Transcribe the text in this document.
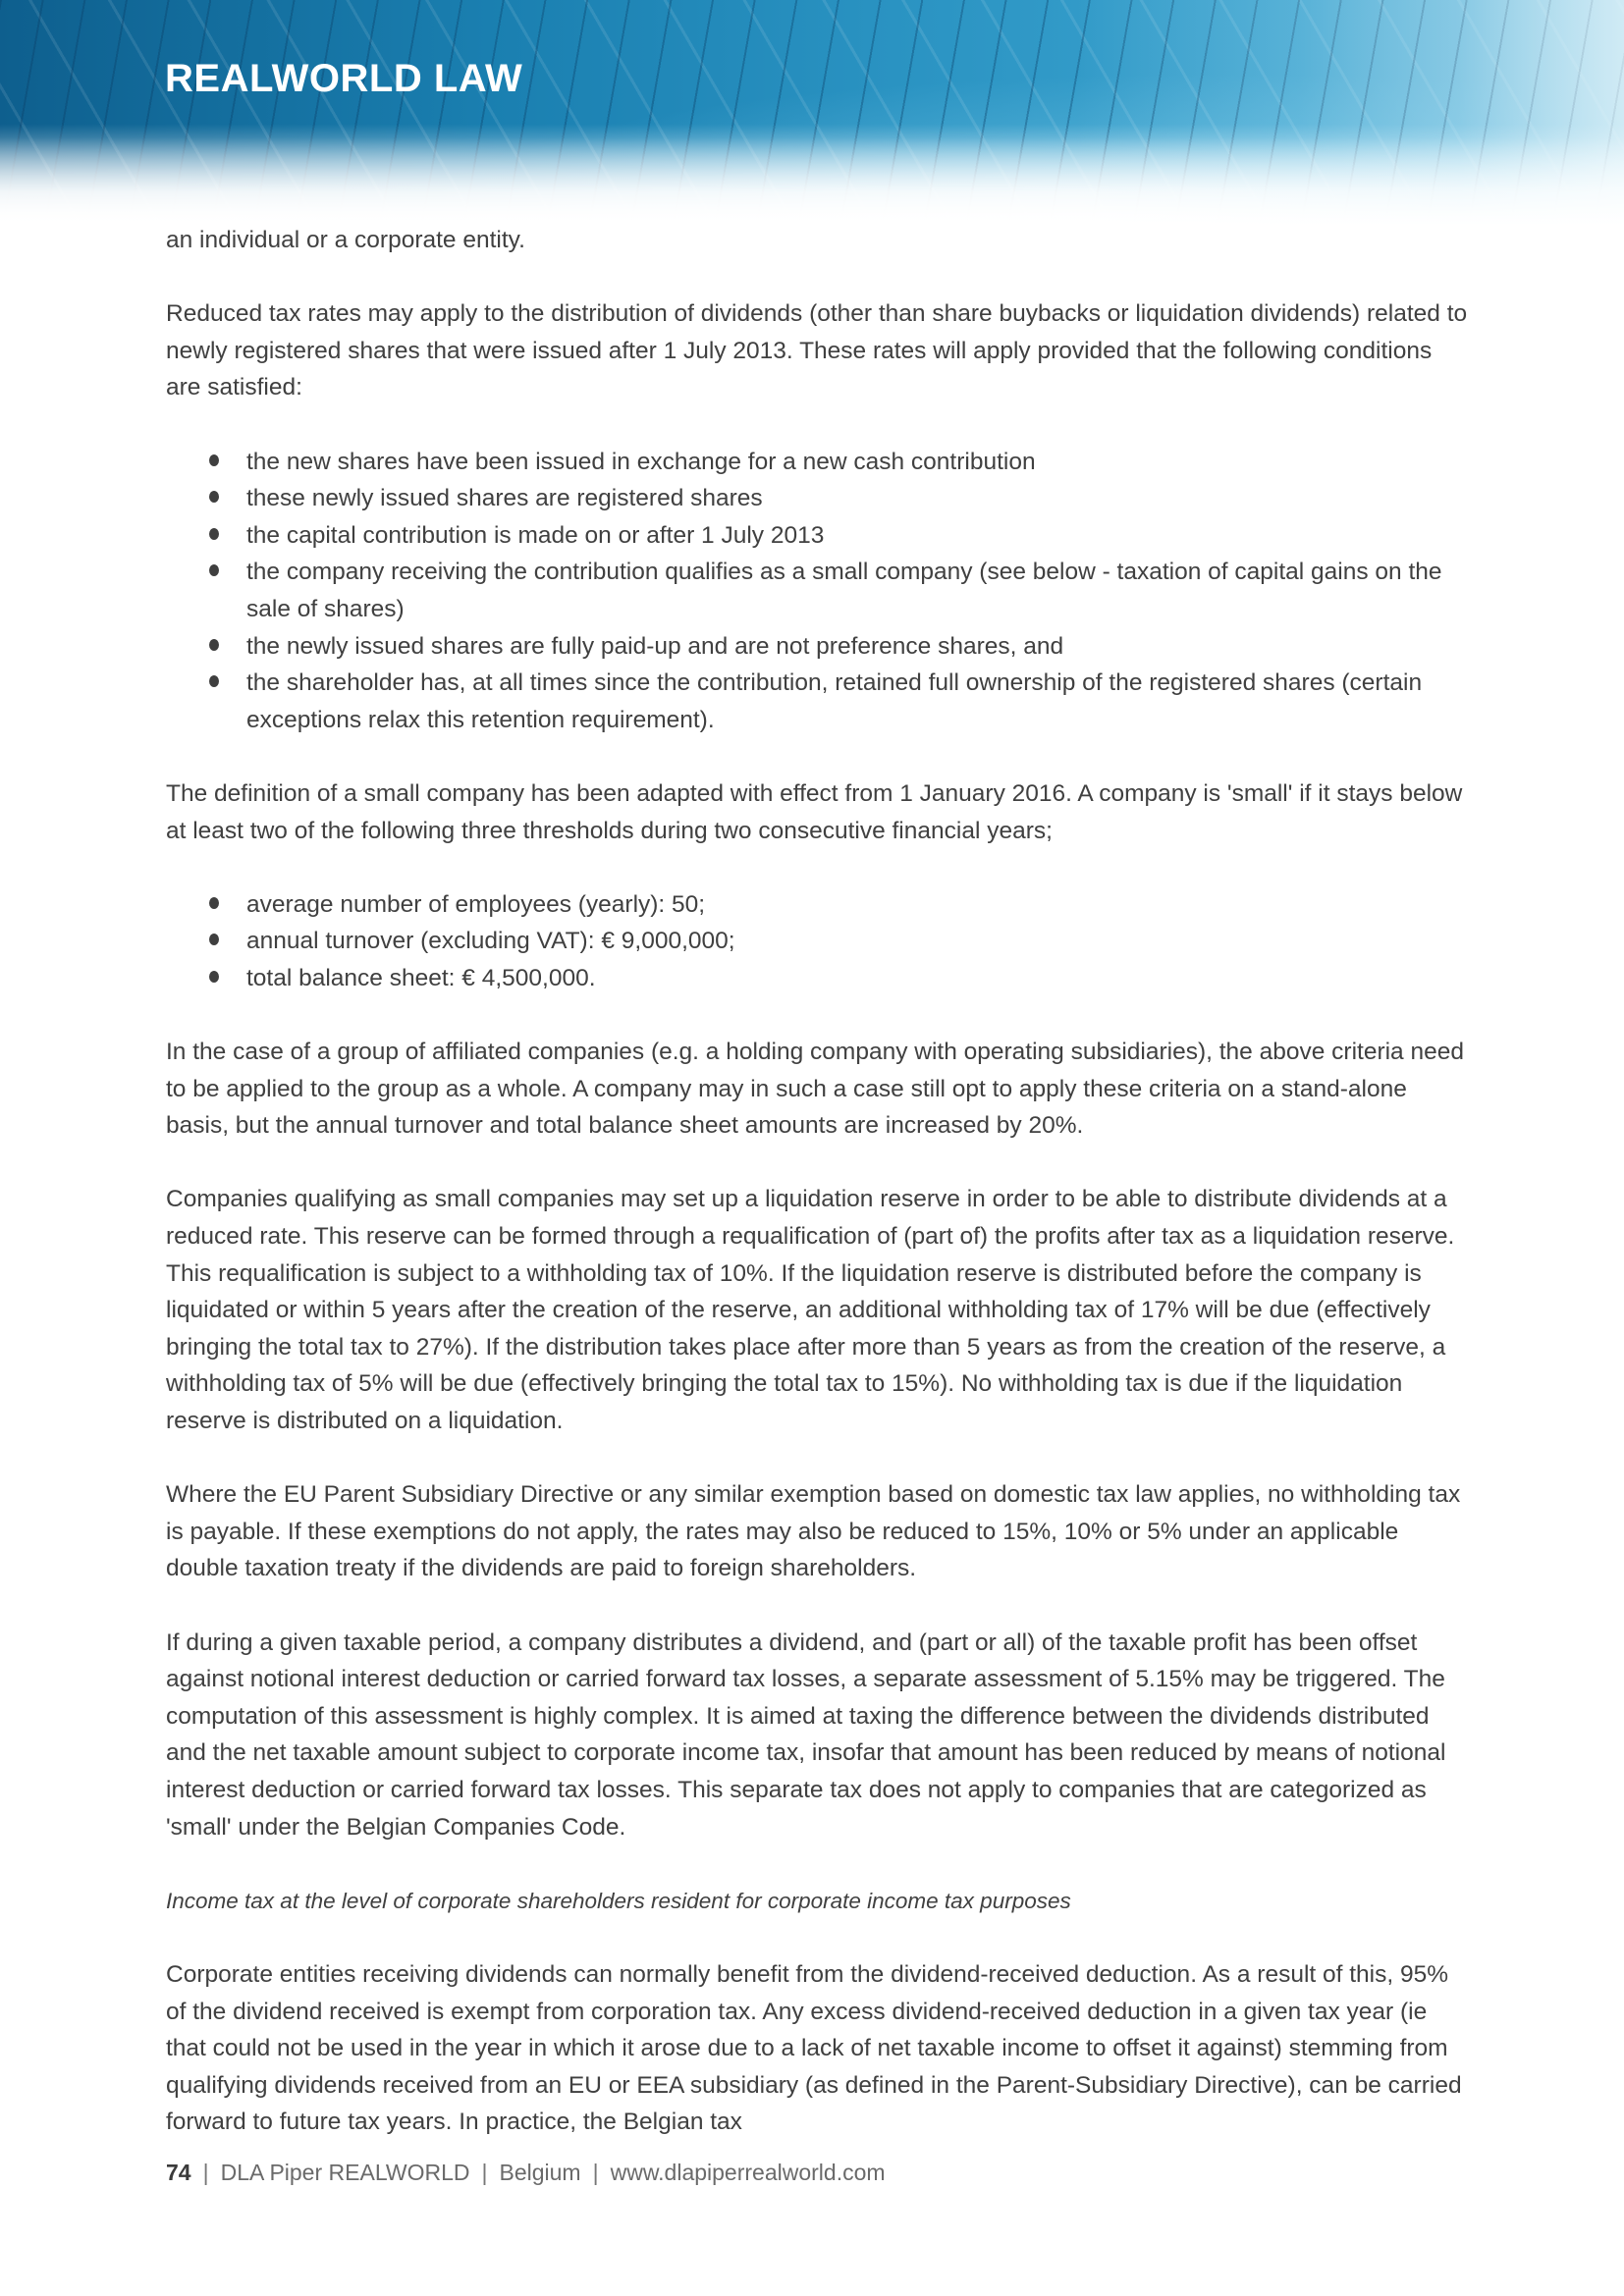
REALWORLD LAW

an individual or a corporate entity.

Reduced tax rates may apply to the distribution of dividends (other than share buybacks or liquidation dividends) related to newly registered shares that were issued after 1 July 2013. These rates will apply provided that the following conditions are satisfied:

the new shares have been issued in exchange for a new cash contribution
these newly issued shares are registered shares
the capital contribution is made on or after 1 July 2013
the company receiving the contribution qualifies as a small company (see below - taxation of capital gains on the sale of shares)
the newly issued shares are fully paid-up and are not preference shares, and
the shareholder has, at all times since the contribution, retained full ownership of the registered shares (certain exceptions relax this retention requirement).

The definition of a small company has been adapted with effect from 1 January 2016. A company is 'small' if it stays below at least two of the following three thresholds during two consecutive financial years;

average number of employees (yearly): 50;
annual turnover (excluding VAT): € 9,000,000;
total balance sheet: € 4,500,000.

In the case of a group of affiliated companies (e.g. a holding company with operating subsidiaries), the above criteria need to be applied to the group as a whole. A company may in such a case still opt to apply these criteria on a stand-alone basis, but the annual turnover and total balance sheet amounts are increased by 20%.

Companies qualifying as small companies may set up a liquidation reserve in order to be able to distribute dividends at a reduced rate. This reserve can be formed through a requalification of (part of) the profits after tax as a liquidation reserve. This requalification is subject to a withholding tax of 10%. If the liquidation reserve is distributed before the company is liquidated or within 5 years after the creation of the reserve, an additional withholding tax of 17% will be due (effectively bringing the total tax to 27%). If the distribution takes place after more than 5 years as from the creation of the reserve, a withholding tax of 5% will be due (effectively bringing the total tax to 15%). No withholding tax is due if the liquidation reserve is distributed on a liquidation.

Where the EU Parent Subsidiary Directive or any similar exemption based on domestic tax law applies, no withholding tax is payable. If these exemptions do not apply, the rates may also be reduced to 15%, 10% or 5% under an applicable double taxation treaty if the dividends are paid to foreign shareholders.

If during a given taxable period, a company distributes a dividend, and (part or all) of the taxable profit has been offset against notional interest deduction or carried forward tax losses, a separate assessment of 5.15% may be triggered. The computation of this assessment is highly complex. It is aimed at taxing the difference between the dividends distributed and the net taxable amount subject to corporate income tax, insofar that amount has been reduced by means of notional interest deduction or carried forward tax losses. This separate tax does not apply to companies that are categorized as 'small' under the Belgian Companies Code.

Income tax at the level of corporate shareholders resident for corporate income tax purposes

Corporate entities receiving dividends can normally benefit from the dividend-received deduction. As a result of this, 95% of the dividend received is exempt from corporation tax. Any excess dividend-received deduction in a given tax year (ie that could not be used in the year in which it arose due to a lack of net taxable income to offset it against) stemming from qualifying dividends received from an EU or EEA subsidiary (as defined in the Parent-Subsidiary Directive), can be carried forward to future tax years. In practice, the Belgian tax

74 | DLA Piper REALWORLD | Belgium | www.dlapiperrealworld.com
